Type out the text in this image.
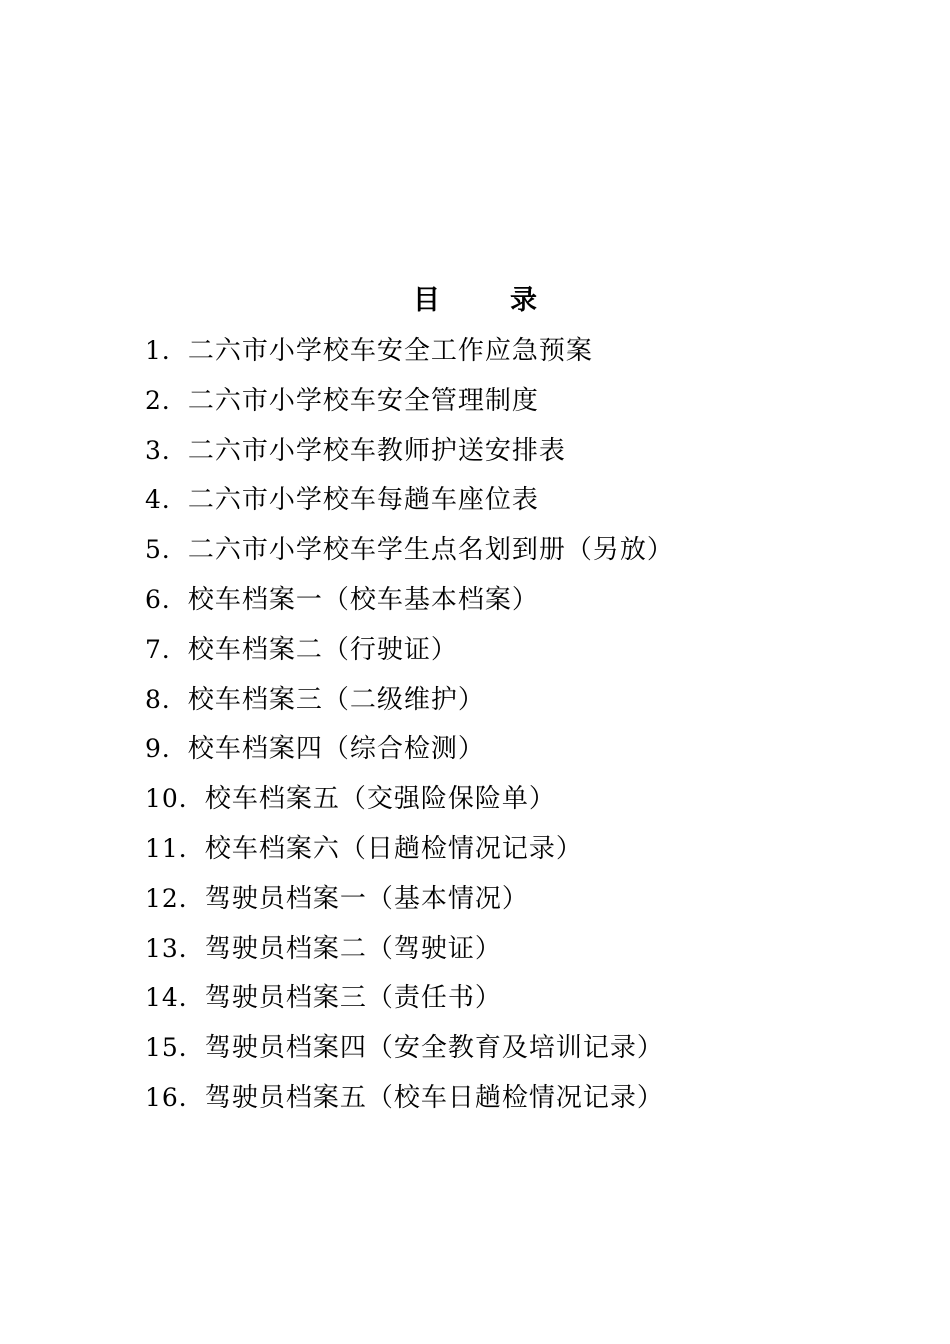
目	录
1． 二六市小学校车安全工作应急预案
2． 二六市小学校车安全管理制度
3． 二六市小学校车教师护送安排表
4． 二六市小学校车每趟车座位表
5． 二六市小学校车学生点名划到册（另放）
6． 校车档案一（校车基本档案）
7． 校车档案二（行驶证）
8． 校车档案三（二级维护）
9． 校车档案四（综合检测）
10． 校车档案五（交强险保险单）
11． 校车档案六（日趟检情况记录）
12． 驾驶员档案一（基本情况）
13． 驾驶员档案二（驾驶证）
14． 驾驶员档案三（责任书）
15． 驾驶员档案四（安全教育及培训记录）
16． 驾驶员档案五（校车日趟检情况记录）
